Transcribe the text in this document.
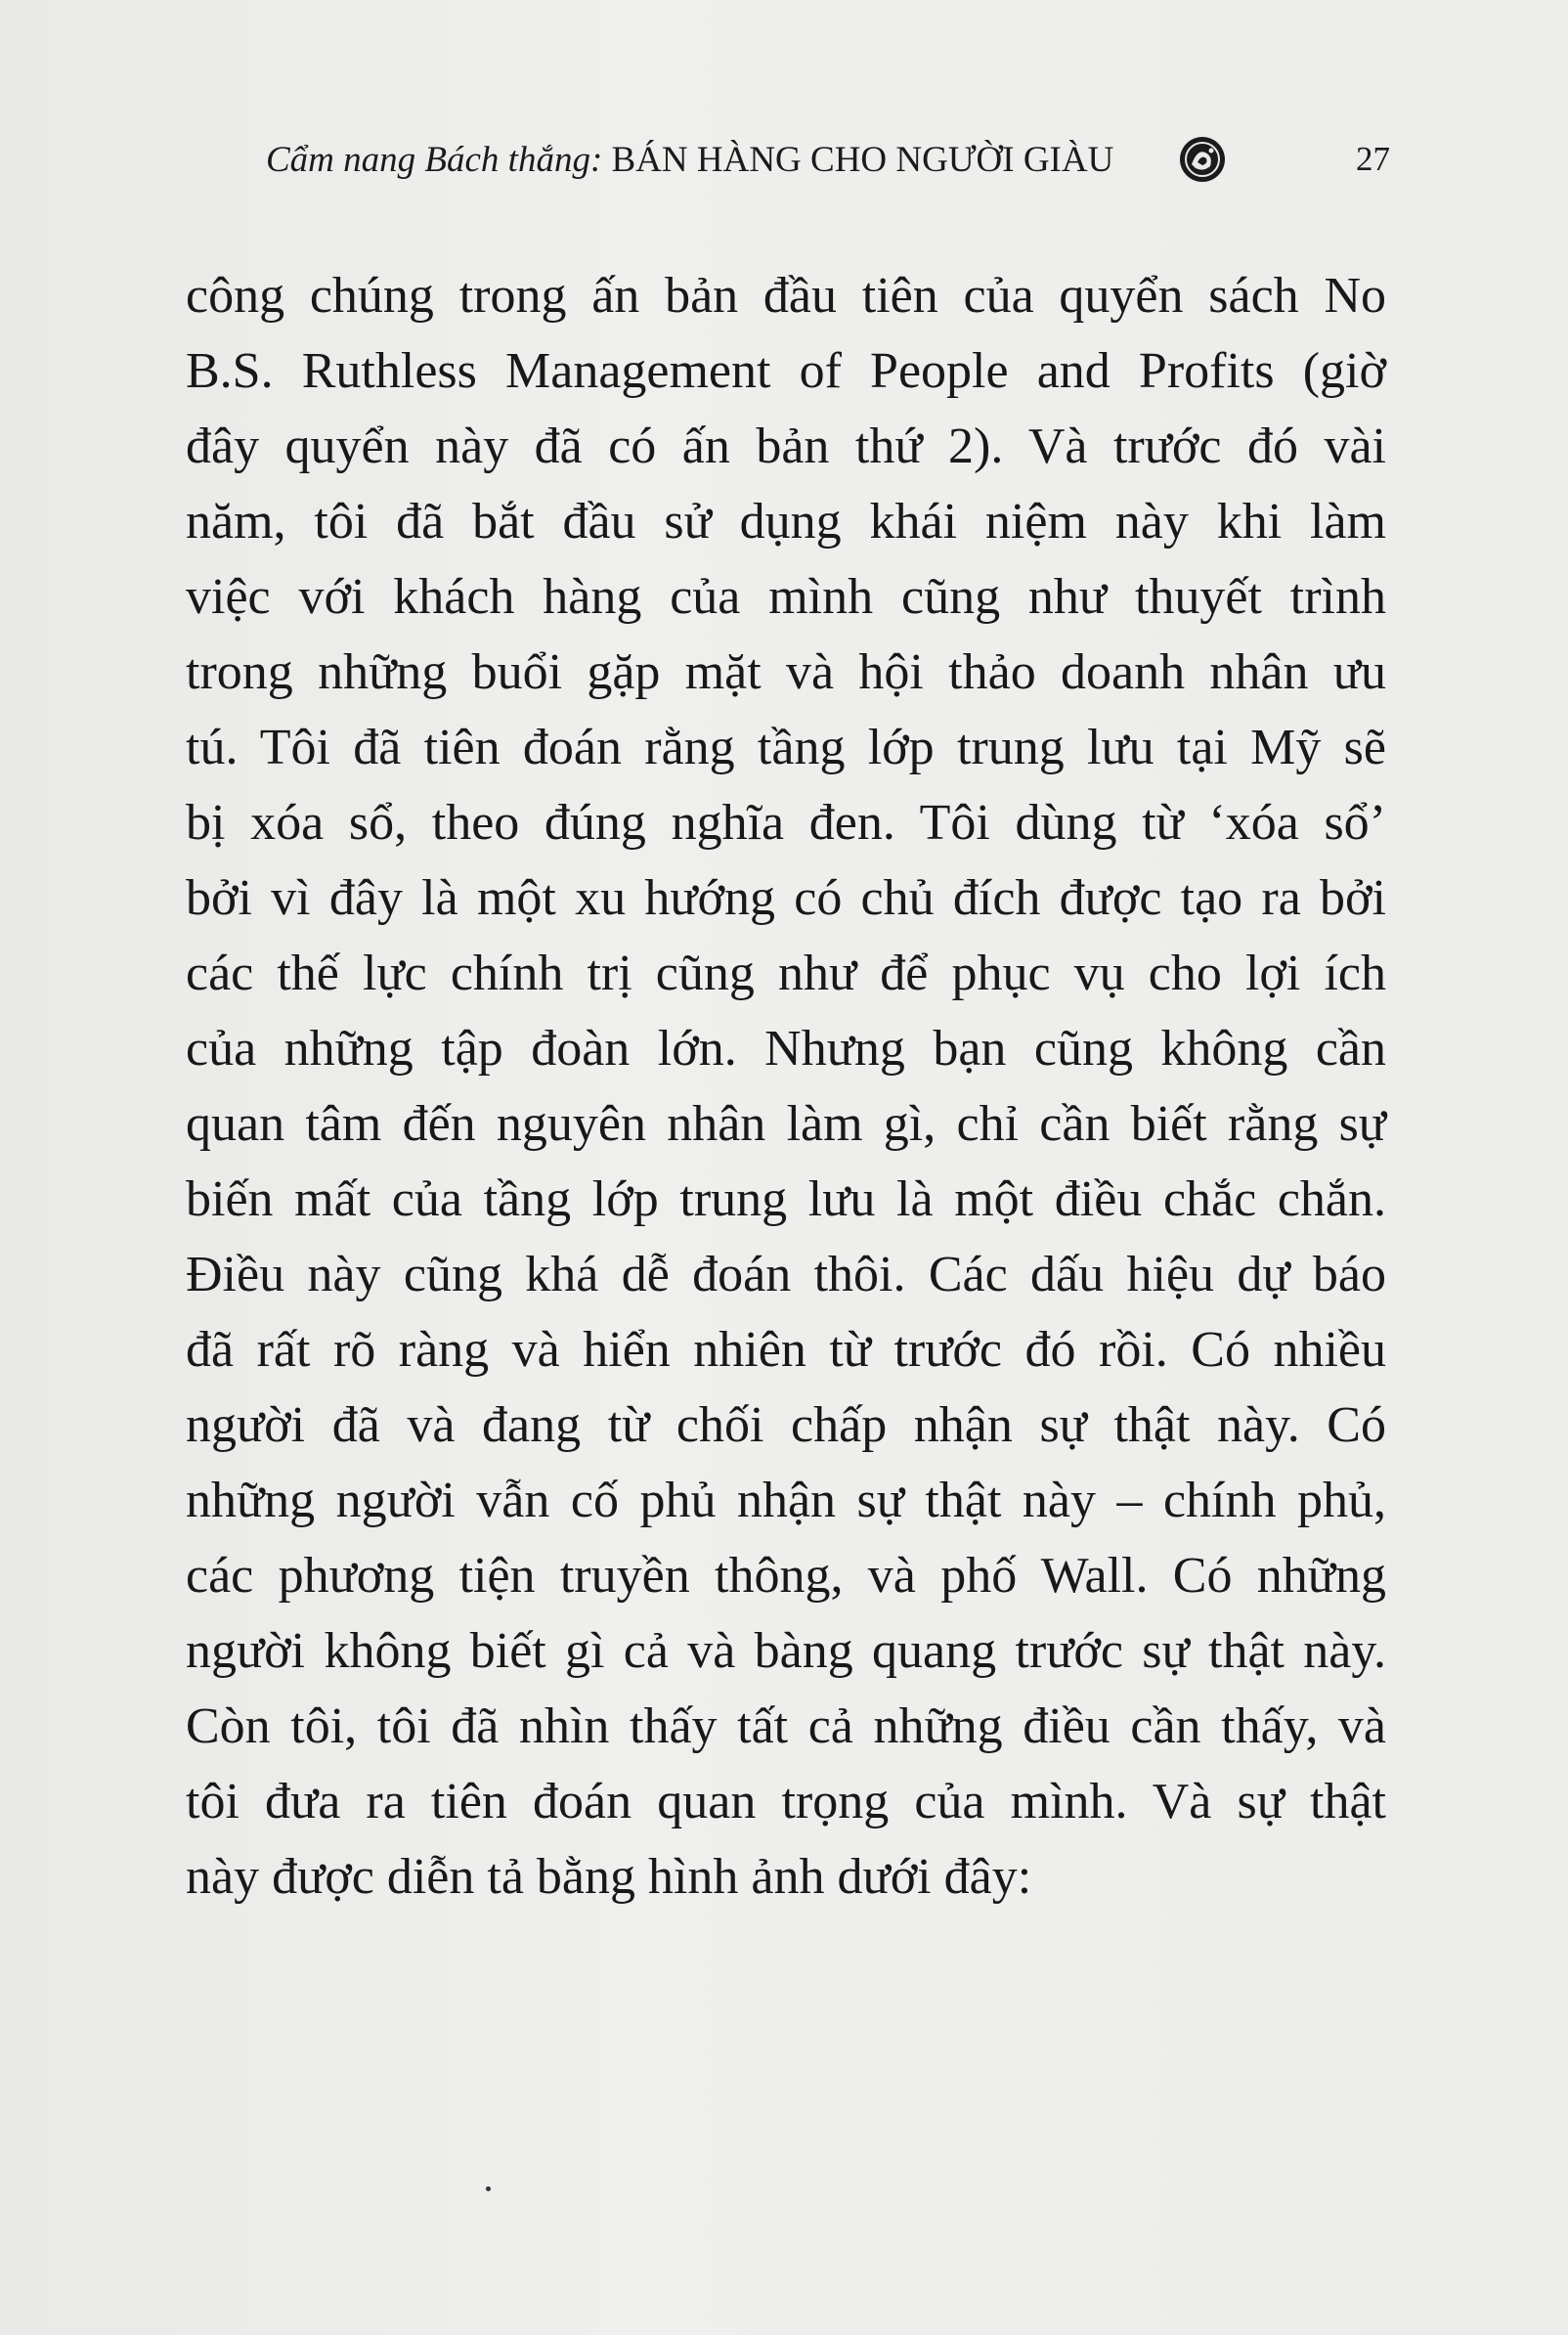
Cẩm nang Bách thắng: BÁN HÀNG CHO NGƯỜI GIÀU	27
công chúng trong ấn bản đầu tiên của quyển sách No
B.S. Ruthless Management of People and Profits (giờ
đây quyển này đã có ấn bản thứ 2). Và trước đó vài
năm, tôi đã bắt đầu sử dụng khái niệm này khi làm
việc với khách hàng của mình cũng như thuyết trình
trong những buổi gặp mặt và hội thảo doanh nhân ưu
tú. Tôi đã tiên đoán rằng tầng lớp trung lưu tại Mỹ sẽ
bị xóa sổ, theo đúng nghĩa đen. Tôi dùng từ ‘xóa sổ’
bởi vì đây là một xu hướng có chủ đích được tạo ra bởi
các thế lực chính trị cũng như để phục vụ cho lợi ích
của những tập đoàn lớn. Nhưng bạn cũng không cần
quan tâm đến nguyên nhân làm gì, chỉ cần biết rằng sự
biến mất của tầng lớp trung lưu là một điều chắc chắn.
Điều này cũng khá dễ đoán thôi. Các dấu hiệu dự báo
đã rất rõ ràng và hiển nhiên từ trước đó rồi. Có nhiều
người đã và đang từ chối chấp nhận sự thật này. Có
những người vẫn cố phủ nhận sự thật này – chính phủ,
các phương tiện truyền thông, và phố Wall. Có những
người không biết gì cả và bàng quang trước sự thật này.
Còn tôi, tôi đã nhìn thấy tất cả những điều cần thấy, và
tôi đưa ra tiên đoán quan trọng của mình. Và sự thật
này được diễn tả bằng hình ảnh dưới đây:
